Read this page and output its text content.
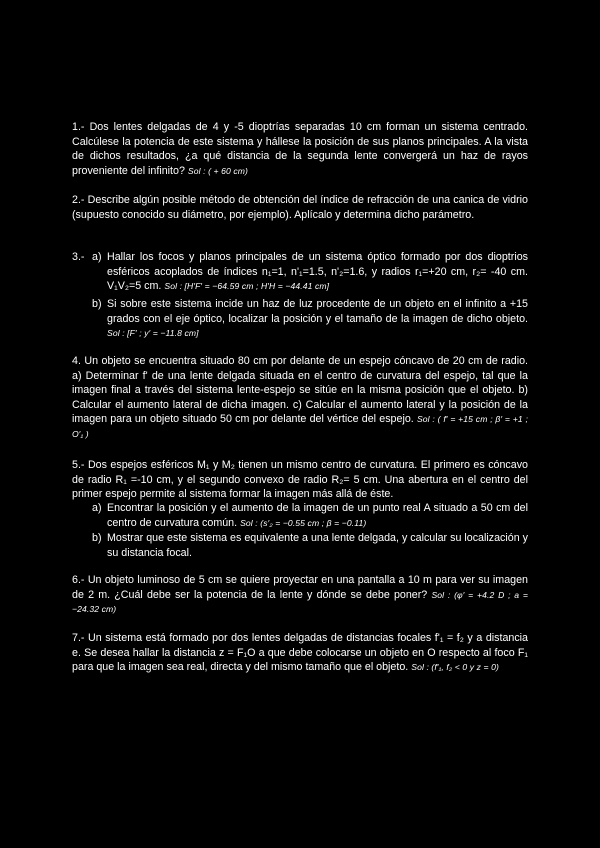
1.- Dos lentes delgadas de 4 y -5 dioptrías separadas 10 cm forman un sistema centrado. Calcúlese la potencia de este sistema y hállese la posición de sus planos principales. A la vista de dichos resultados, ¿a qué distancia de la segunda lente convergerá un haz de rayos proveniente del infinito? Sol : ( + 60 cm)

2.- Describe algún posible método de obtención del índice de refracción de una canica de vidrio (supuesto conocido su diámetro, por ejemplo). Aplícalo y determina dicho parámetro.

3.- a) Hallar los focos y planos principales de un sistema óptico formado por dos dioptrios esféricos acoplados de índices n₁=1, n'₁=1.5, n'₂=1.6, y radios r₁=+20 cm, r₂= -40 cm. V₁V₂=5 cm. Sol : [H′F′ = −64.59 cm ; H′H = −44.41 cm]

b) Si sobre este sistema incide un haz de luz procedente de un objeto en el infinito a +15 grados con el eje óptico, localizar la posición y el tamaño de la imagen de dicho objeto. Sol : [F′ ; y′ = −11.8 cm]

4. Un objeto se encuentra situado 80 cm por delante de un espejo cóncavo de 20 cm de radio. a) Determinar f' de una lente delgada situada en el centro de curvatura del espejo, tal que la imagen final a través del sistema lente-espejo se sitúe en la misma posición que el objeto. b) Calcular el aumento lateral de dicha imagen. c) Calcular el aumento lateral y la posición de la imagen para un objeto situado 50 cm por delante del vértice del espejo. Sol : ( f′ = +15 cm ; β′ = +1 ; O′₁ )

5.- Dos espejos esféricos M₁ y M₂ tienen un mismo centro de curvatura. El primero es cóncavo de radio R₁ =-10 cm, y el segundo convexo de radio R₂= 5 cm. Una abertura en el centro del primer espejo permite al sistema formar la imagen más allá de éste.

a) Encontrar la posición y el aumento de la imagen de un punto real A situado a 50 cm del centro de curvatura común. Sol : (s′₂ = −0.55 cm ; β = −0.11)

b) Mostrar que este sistema es equivalente a una lente delgada, y calcular su localización y su distancia focal.

6.- Un objeto luminoso de 5 cm se quiere proyectar en una pantalla a 10 m para ver su imagen de 2 m. ¿Cuál debe ser la potencia de la lente y dónde se debe poner? Sol : (φ′ = +4.2 D ; a = −24.32 cm)

7.- Un sistema está formado por dos lentes delgadas de distancias focales f'₁ = f₂ y a distancia e. Se desea hallar la distancia z = F₁O a que debe colocarse un objeto en O respecto al foco F₁ para que la imagen sea real, directa y del mismo tamaño que el objeto. Sol : (f′₁, f₂ < 0 y z = 0)
